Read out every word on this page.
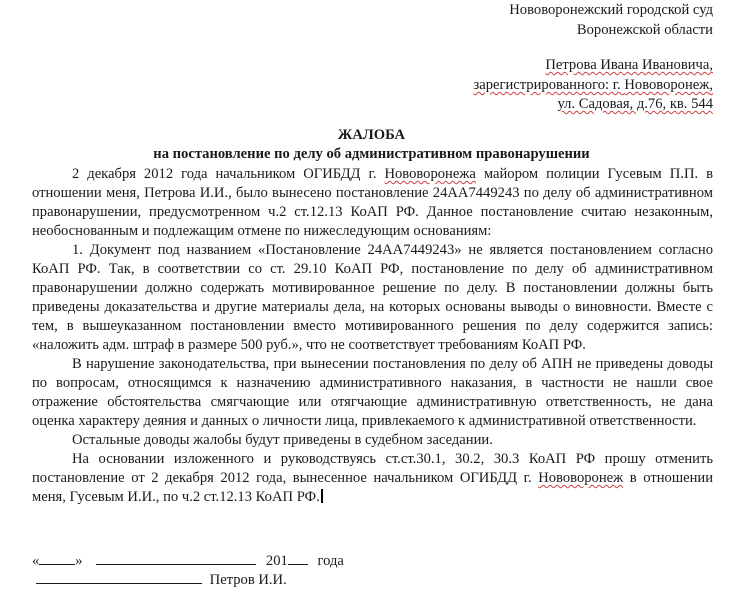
Нововоронежский городской суд
Воронежской области
Петрова Ивана Ивановича,
зарегистрированного: г. Нововоронеж,
ул. Садовая, д.76, кв. 544
ЖАЛОБА
на постановление по делу об административном правонарушении

2 декабря 2012 года начальником ОГИБДД г. Нововоронежа майором полиции Гусевым П.П. в отношении меня, Петрова И.И., было вынесено постановление 24АА7449243 по делу об административном правонарушении, предусмотренном ч.2 ст.12.13 КоАП РФ. Данное постановление считаю незаконным, необоснованным и подлежащим отмене по нижеследующим основаниям:

1. Документ под названием «Постановление 24АА7449243» не является постановлением согласно КоАП РФ. Так, в соответствии со ст. 29.10 КоАП РФ, постановление по делу об административном правонарушении должно содержать мотивированное решение по делу. В постановлении должны быть приведены доказательства и другие материалы дела, на которых основаны выводы о виновности. Вместе с тем, в вышеуказанном постановлении вместо мотивированного решения по делу содержится запись: «наложить адм. штраф в размере 500 руб.», что не соответствует требованиям КоАП РФ.

В нарушение законодательства, при вынесении постановления по делу об АПН не приведены доводы по вопросам, относящимся к назначению административного наказания, в частности не нашли свое отражение обстоятельства смягчающие или отягчающие административную ответственность, не дана оценка характеру деяния и данных о личности лица, привлекаемого к административной ответственности.

Остальные доводы жалобы будут приведены в судебном заседании.

На основании изложенного и руководствуясь ст.ст.30.1, 30.2, 30.3 КоАП РФ прошу отменить постановление от 2 декабря 2012 года, вынесенное начальником ОГИБДД г. Нововоронеж в отношении меня, Гусевым И.И., по ч.2 ст.12.13 КоАП РФ.

« »	201 года
Петров И.И.
